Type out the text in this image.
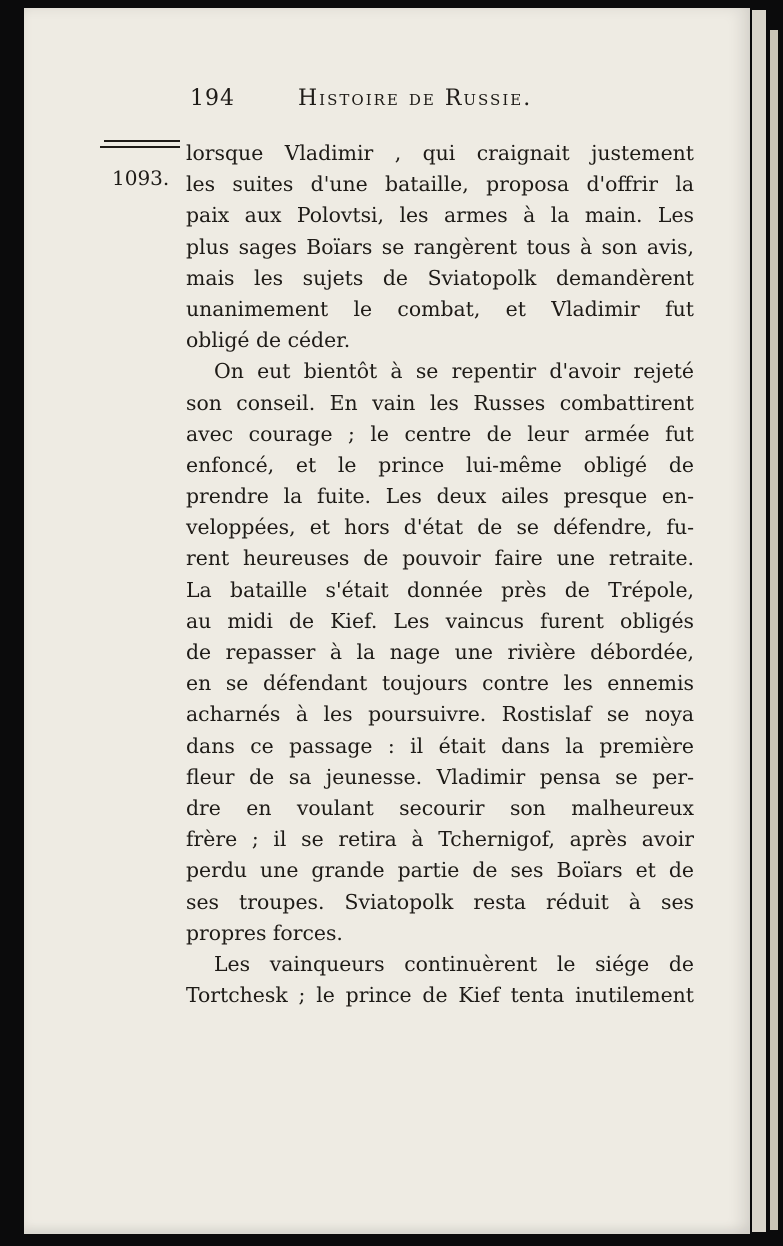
194	Histoire de Russie.
1093.
lorsque Vladimir , qui craignait justement
les suites d'une bataille, proposa d'offrir la
paix aux Polovtsi, les armes à la main. Les
plus sages Boïars se rangèrent tous à son avis,
mais les sujets de Sviatopolk demandèrent
unanimement le combat, et Vladimir fut
obligé de céder.
On eut bientôt à se repentir d'avoir rejeté
son conseil. En vain les Russes combattirent
avec courage ; le centre de leur armée fut
enfoncé, et le prince lui-même obligé de
prendre la fuite. Les deux ailes presque en-
veloppées, et hors d'état de se défendre, fu-
rent heureuses de pouvoir faire une retraite.
La bataille s'était donnée près de Trépole,
au midi de Kief. Les vaincus furent obligés
de repasser à la nage une rivière débordée,
en se défendant toujours contre les ennemis
acharnés à les poursuivre. Rostislaf se noya
dans ce passage : il était dans la première
fleur de sa jeunesse. Vladimir pensa se per-
dre en voulant secourir son malheureux
frère ; il se retira à Tchernigof, après avoir
perdu une grande partie de ses Boïars et de
ses troupes. Sviatopolk resta réduit à ses
propres forces.
Les vainqueurs continuèrent le siége de
Tortchesk ; le prince de Kief tenta inutilement
